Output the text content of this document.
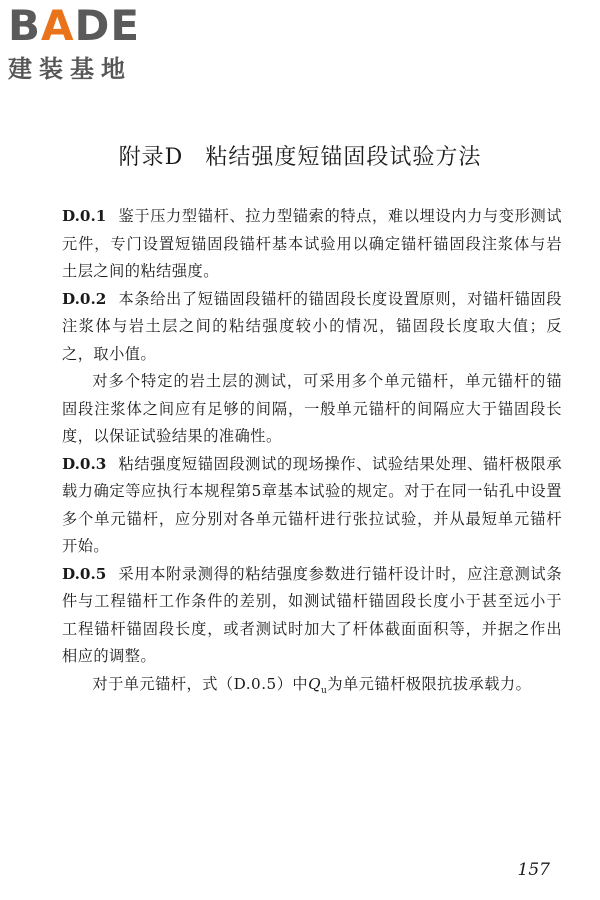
BADE
建装基地
附录D 粘结强度短锚固段试验方法

D.0.1 鉴于压力型锚杆、拉力型锚索的特点，难以埋设内力与变形测试元件，专门设置短锚固段锚杆基本试验用以确定锚杆锚固段注浆体与岩土层之间的粘结强度。

D.0.2 本条给出了短锚固段锚杆的锚固段长度设置原则，对锚杆锚固段注浆体与岩土层之间的粘结强度较小的情况，锚固段长度取大值；反之，取小值。

对多个特定的岩土层的测试，可采用多个单元锚杆，单元锚杆的锚固段注浆体之间应有足够的间隔，一般单元锚杆的间隔应大于锚固段长度，以保证试验结果的准确性。

D.0.3 粘结强度短锚固段测试的现场操作、试验结果处理、锚杆极限承载力确定等应执行本规程第5章基本试验的规定。对于在同一钻孔中设置多个单元锚杆，应分别对各单元锚杆进行张拉试验，并从最短单元锚杆开始。

D.0.5 采用本附录测得的粘结强度参数进行锚杆设计时，应注意测试条件与工程锚杆工作条件的差别，如测试锚杆锚固段长度小于甚至远小于工程锚杆锚固段长度，或者测试时加大了杆体截面面积等，并据之作出相应的调整。

对于单元锚杆，式（D.0.5）中$Q_u$为单元锚杆极限抗拔承载力。

157
